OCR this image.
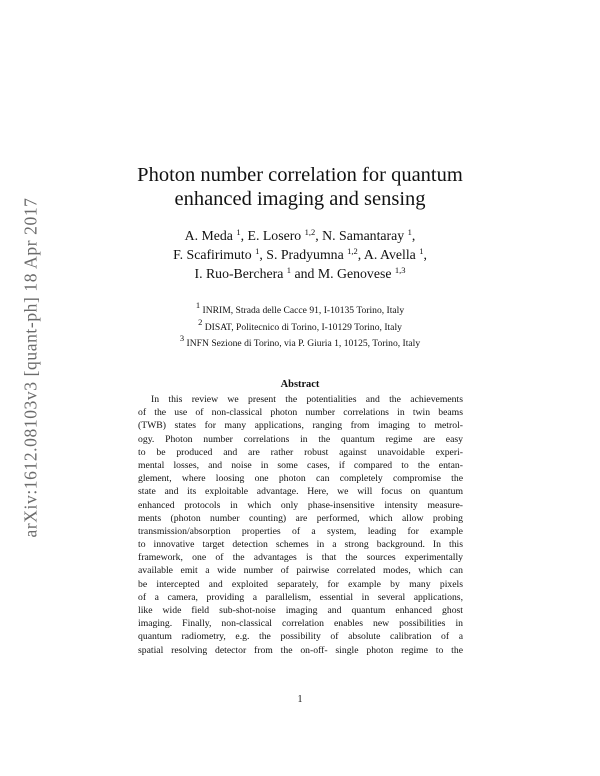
arXiv:1612.08103v3 [quant-ph] 18 Apr 2017
Photon number correlation for quantum
enhanced imaging and sensing
A. Meda $^1$, E. Losero $^{1,2}$, N. Samantaray $^1$,
F. Scafirimuto $^1$, S. Pradyumna $^{1,2}$, A. Avella $^1$,
I. Ruo-Berchera $^1$ and M. Genovese $^{1,3}$
$^1$ INRIM, Strada delle Cacce 91, I-10135 Torino, Italy
$^2$ DISAT, Politecnico di Torino, I-10129 Torino, Italy
$^3$ INFN Sezione di Torino, via P. Giuria 1, 10125, Torino, Italy
Abstract
In this review we present the potentialities and the achievements
of the use of non-classical photon number correlations in twin beams
(TWB) states for many applications, ranging from imaging to metrol-
ogy. Photon number correlations in the quantum regime are easy
to be produced and are rather robust against unavoidable experi-
mental losses, and noise in some cases, if compared to the entan-
glement, where loosing one photon can completely compromise the
state and its exploitable advantage. Here, we will focus on quantum
enhanced protocols in which only phase-insensitive intensity measure-
ments (photon number counting) are performed, which allow probing
transmission/absorption properties of a system, leading for example
to innovative target detection schemes in a strong background. In this
framework, one of the advantages is that the sources experimentally
available emit a wide number of pairwise correlated modes, which can
be intercepted and exploited separately, for example by many pixels
of a camera, providing a parallelism, essential in several applications,
like wide field sub-shot-noise imaging and quantum enhanced ghost
imaging. Finally, non-classical correlation enables new possibilities in
quantum radiometry, e.g. the possibility of absolute calibration of a
spatial resolving detector from the on-off- single photon regime to the
1
